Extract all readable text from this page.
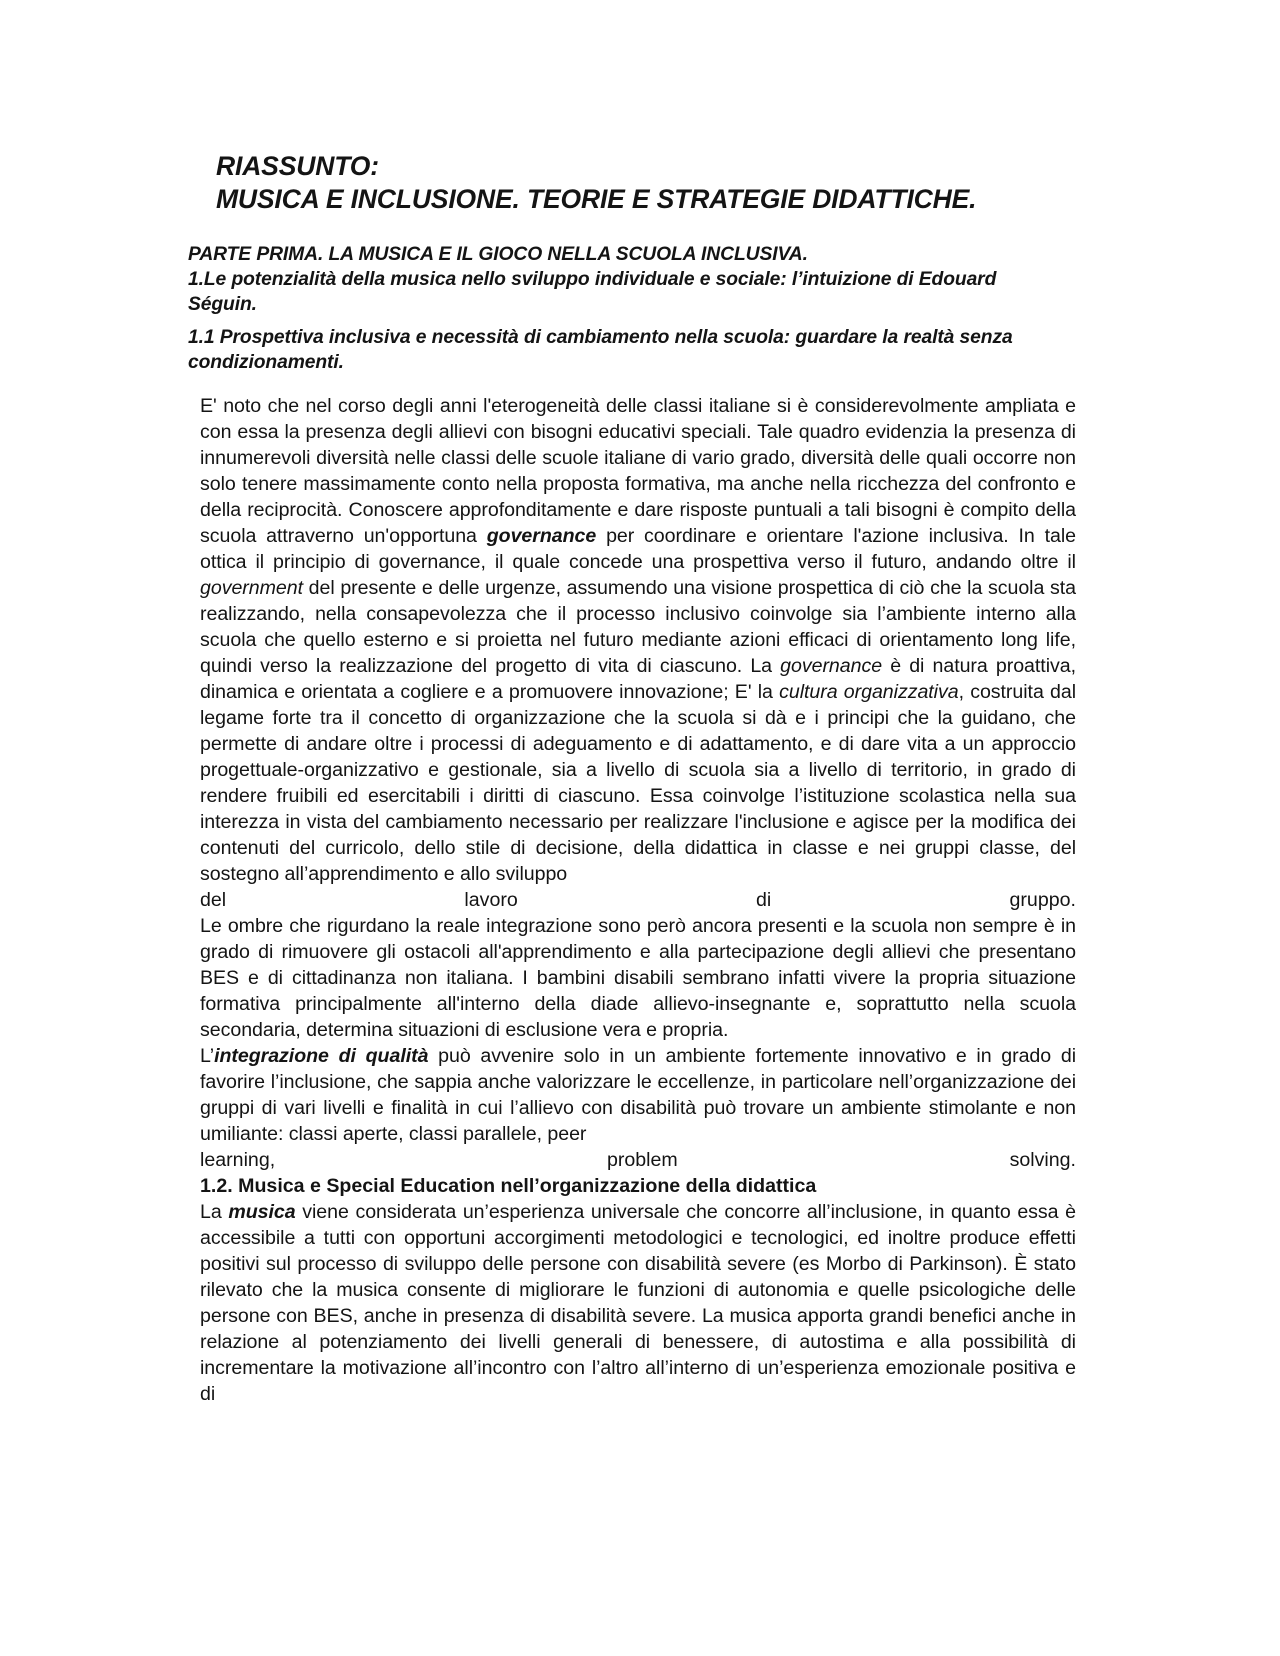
RIASSUNTO:
MUSICA E INCLUSIONE. TEORIE E STRATEGIE DIDATTICHE.
PARTE PRIMA. LA MUSICA E IL GIOCO NELLA SCUOLA INCLUSIVA.
1.Le potenzialità della musica nello sviluppo individuale e sociale: l’intuizione di Edouard Séguin.
1.1 Prospettiva inclusiva e necessità di cambiamento nella scuola: guardare la realtà senza condizionamenti.

E' noto che nel corso degli anni l'eterogeneità delle classi italiane si è considerevolmente ampliata e con essa la presenza degli allievi con bisogni educativi speciali. Tale quadro evidenzia la presenza di innumerevoli diversità nelle classi delle scuole italiane di vario grado, diversità delle quali occorre non solo tenere massimamente conto nella proposta formativa, ma anche nella ricchezza del confronto e della reciprocità. Conoscere approfonditamente e dare risposte puntuali a tali bisogni è compito della scuola attraverno un'opportuna governance per coordinare e orientare l'azione inclusiva. In tale ottica il principio di governance, il quale concede una prospettiva verso il futuro, andando oltre il government del presente e delle urgenze, assumendo una visione prospettica di ciò che la scuola sta realizzando, nella consapevolezza che il processo inclusivo coinvolge sia l’ambiente interno alla scuola che quello esterno e si proietta nel futuro mediante azioni efficaci di orientamento long life, quindi verso la realizzazione del progetto di vita di ciascuno. La governance è di natura proattiva, dinamica e orientata a cogliere e a promuovere innovazione; E' la cultura organizzativa, costruita dal legame forte tra il concetto di organizzazione che la scuola si dà e i principi che la guidano, che permette di andare oltre i processi di adeguamento e di adattamento, e di dare vita a un approccio progettuale-organizzativo e gestionale, sia a livello di scuola sia a livello di territorio, in grado di rendere fruibili ed esercitabili i diritti di ciascuno. Essa coinvolge l’istituzione scolastica nella sua interezza in vista del cambiamento necessario per realizzare l'inclusione e agisce per la modifica dei contenuti del curricolo, dello stile di decisione, della didattica in classe e nei gruppi classe, del sostegno all’apprendimento e allo sviluppo

del	lavoro	di	gruppo.

Le ombre che rigurdano la reale integrazione sono però ancora presenti e la scuola non sempre è in grado di rimuovere gli ostacoli all'apprendimento e alla partecipazione degli allievi che presentano BES e di cittadinanza non italiana. I bambini disabili sembrano infatti vivere la propria situazione formativa principalmente all'interno della diade allievo-insegnante e, soprattutto nella scuola secondaria, determina situazioni di esclusione vera e propria.

L’integrazione di qualità può avvenire solo in un ambiente fortemente innovativo e in grado di favorire l’inclusione, che sappia anche valorizzare le eccellenze, in particolare nell’organizzazione dei gruppi di vari livelli e finalità in cui l’allievo con disabilità può trovare un ambiente stimolante e non umiliante: classi aperte, classi parallele, peer

learning,	problem	solving.

1.2. Musica e Special Education nell’organizzazione della didattica

La musica viene considerata un’esperienza universale che concorre all’inclusione, in quanto essa è accessibile a tutti con opportuni accorgimenti metodologici e tecnologici, ed inoltre produce effetti positivi sul processo di sviluppo delle persone con disabilità severe (es Morbo di Parkinson). È stato rilevato che la musica consente di migliorare le funzioni di autonomia e quelle psicologiche delle persone con BES, anche in presenza di disabilità severe. La musica apporta grandi benefici anche in relazione al potenziamento dei livelli generali di benessere, di autostima e alla possibilità di incrementare la motivazione all’incontro con l’altro all’interno di un’esperienza emozionale positiva e di
